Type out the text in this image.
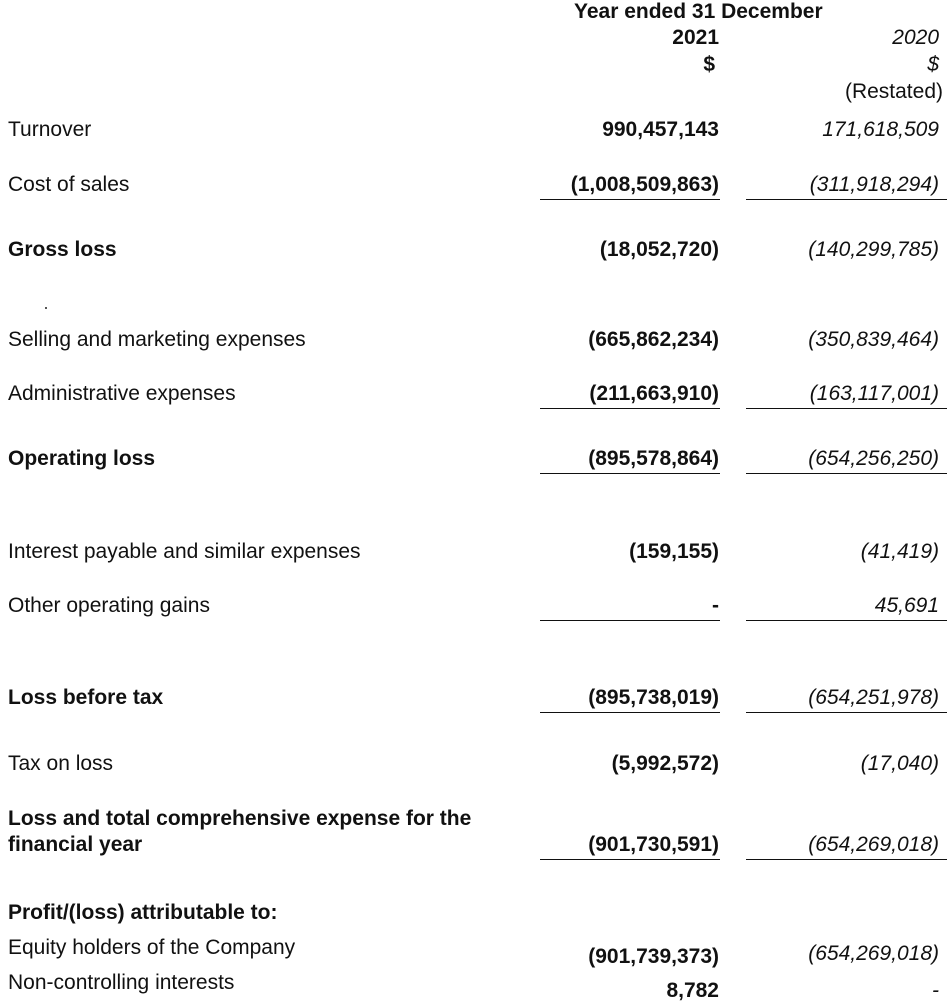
Year ended 31 December
2021	2020
$	$
(Restated)
Turnover	990,457,143	171,618,509
Cost of sales	(1,008,509,863)	(311,918,294)
Gross loss	(18,052,720)	(140,299,785)
Selling and marketing expenses	(665,862,234)	(350,839,464)
Administrative expenses	(211,663,910)	(163,117,001)
Operating loss	(895,578,864)	(654,256,250)
Interest payable and similar expenses	(159,155)	(41,419)
Other operating gains	-	45,691
Loss before tax	(895,738,019)	(654,251,978)
Tax on loss	(5,992,572)	(17,040)
Loss and total comprehensive expense for the
financial year	(901,730,591)	(654,269,018)
Profit/(loss) attributable to:
Equity holders of the Company	(901,739,373)	(654,269,018)
Non-controlling interests	8,782	-
